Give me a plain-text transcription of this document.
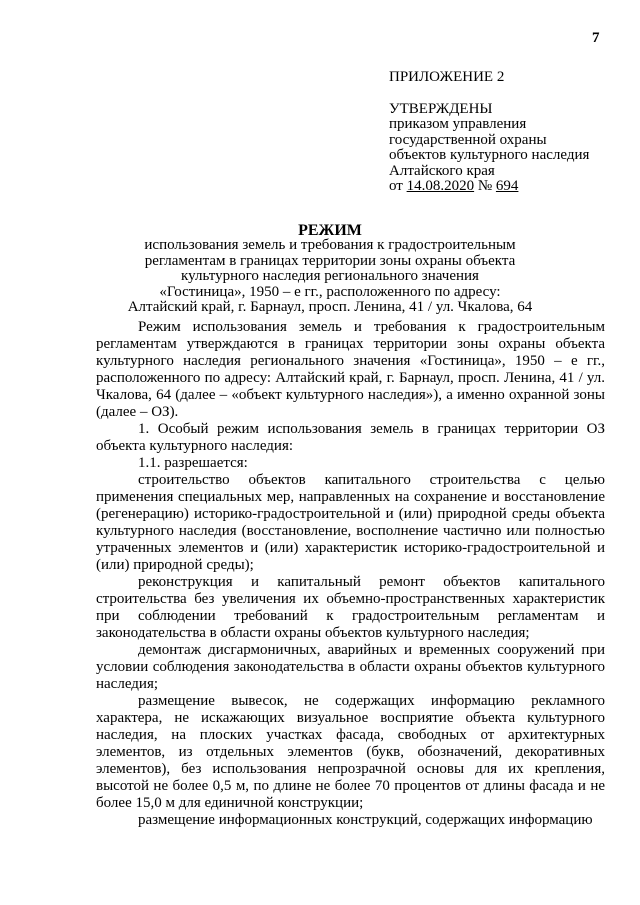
7
ПРИЛОЖЕНИЕ 2
УТВЕРЖДЕНЫ
приказом управления
государственной охраны
объектов культурного наследия
Алтайского края
от 14.08.2020 № 694
РЕЖИМ
использования земель и требования к градостроительным
регламентам в границах территории зоны охраны объекта
культурного наследия регионального значения
«Гостиница», 1950 – е гг., расположенного по адресу:
Алтайский край, г. Барнаул, просп. Ленина, 41 / ул. Чкалова, 64

Режим использования земель и требования к градостроительным регламентам утверждаются в границах территории зоны охраны объекта культурного наследия регионального значения «Гостиница», 1950 – е гг., расположенного по адресу: Алтайский край, г. Барнаул, просп. Ленина, 41 / ул. Чкалова, 64 (далее – «объект культурного наследия»), а именно охранной зоны (далее – ОЗ).

1. Особый режим использования земель в границах территории ОЗ объекта культурного наследия:

1.1. разрешается:

строительство объектов капитального строительства с целью применения специальных мер, направленных на сохранение и восстановление (регенерацию) историко-градостроительной и (или) природной среды объекта культурного наследия (восстановление, восполнение частично или полностью утраченных элементов и (или) характеристик историко-градостроительной и (или) природной среды);

реконструкция и капитальный ремонт объектов капитального строительства без увеличения их объемно-пространственных характеристик при соблюдении требований к градостроительным регламентам и законодательства в области охраны объектов культурного наследия;

демонтаж дисгармоничных, аварийных и временных сооружений при условии соблюдения законодательства в области охраны объектов культурного наследия;

размещение вывесок, не содержащих информацию рекламного характера, не искажающих визуальное восприятие объекта культурного наследия, на плоских участках фасада, свободных от архитектурных элементов, из отдельных элементов (букв, обозначений, декоративных элементов), без использования непрозрачной основы для их крепления, высотой не более 0,5 м, по длине не более 70 процентов от длины фасада и не более 15,0 м для единичной конструкции;

размещение информационных конструкций, содержащих информацию
